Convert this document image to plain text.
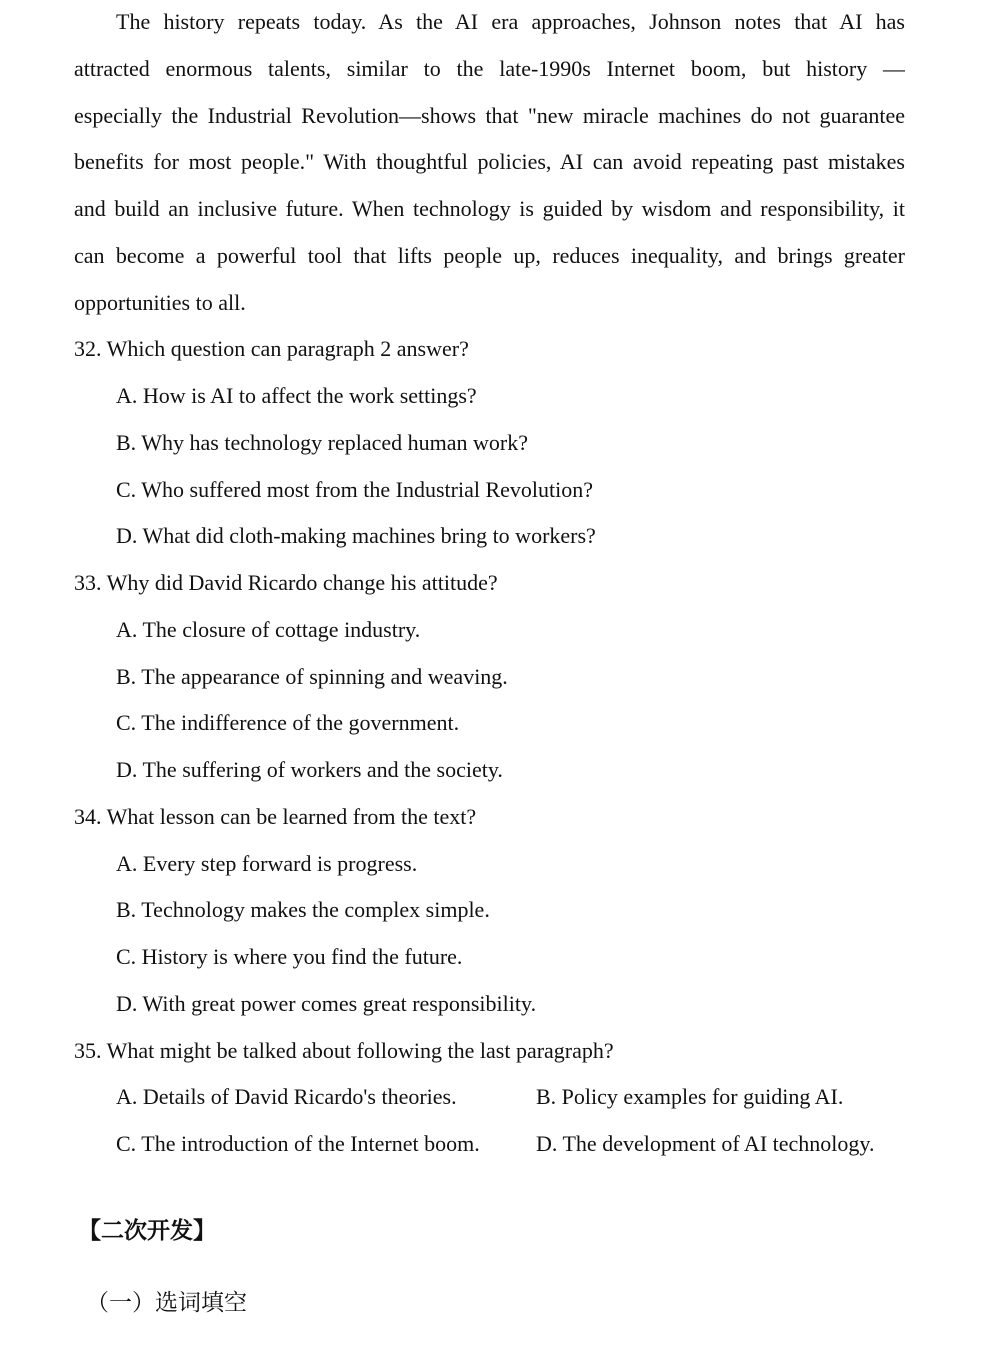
The history repeats today. As the AI era approaches, Johnson notes that AI has
attracted enormous talents, similar to the late-1990s Internet boom, but history —
especially the Industrial Revolution—shows that "new miracle machines do not guarantee
benefits for most people." With thoughtful policies, AI can avoid repeating past mistakes
and build an inclusive future. When technology is guided by wisdom and responsibility, it
can become a powerful tool that lifts people up, reduces inequality, and brings greater
opportunities to all.
32. Which question can paragraph 2 answer?
A. How is AI to affect the work settings?
B. Why has technology replaced human work?
C. Who suffered most from the Industrial Revolution?
D. What did cloth-making machines bring to workers?
33. Why did David Ricardo change his attitude?
A. The closure of cottage industry.
B. The appearance of spinning and weaving.
C. The indifference of the government.
D. The suffering of workers and the society.
34. What lesson can be learned from the text?
A. Every step forward is progress.
B. Technology makes the complex simple.
C. History is where you find the future.
D. With great power comes great responsibility.
35. What might be talked about following the last paragraph?
A. Details of David Ricardo's theories.	B. Policy examples for guiding AI.
C. The introduction of the Internet boom.	D. The development of AI technology.
【二次开发】
（一）选词填空
